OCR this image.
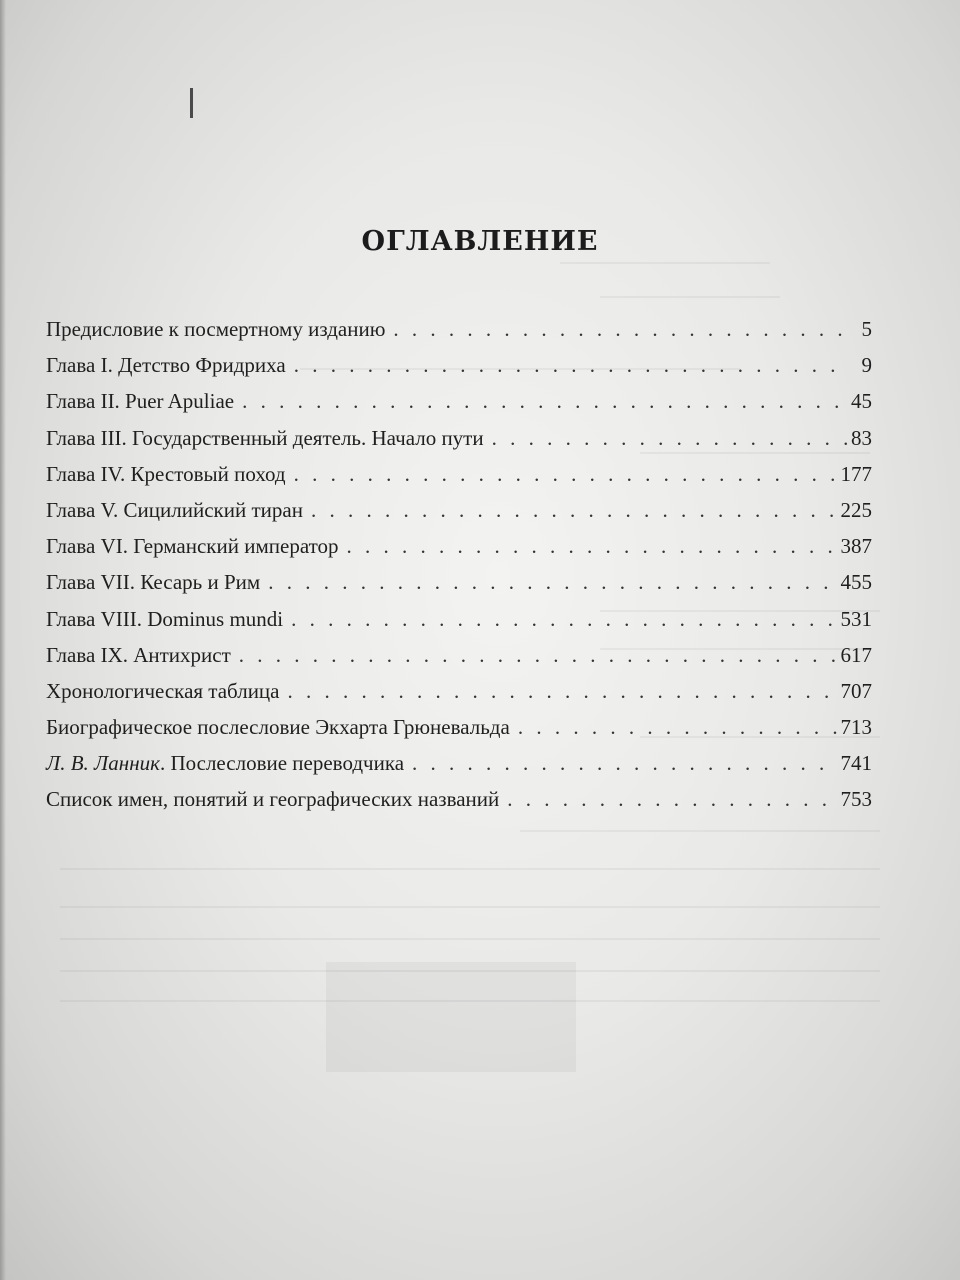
ОГЛАВЛЕНИЕ
Предисловие к посмертному изданию . . .	5
Глава I. Детство Фридриха . . .	9
Глава II. Puer Apuliae . . .	45
Глава III. Государственный деятель. Начало пути . . .	83
Глава IV. Крестовый поход . . .	177
Глава V. Сицилийский тиран . . .	225
Глава VI. Германский император . . .	387
Глава VII. Кесарь и Рим . . .	455
Глава VIII. Dominus mundi . . .	531
Глава IX. Антихрист . . .	617
Хронологическая таблица . . .	707
Биографическое послесловие Экхарта Грюневальда . . .	713
Л. В. Ланник. Послесловие переводчика . . .	741
Список имен, понятий и географических названий . . .	753
